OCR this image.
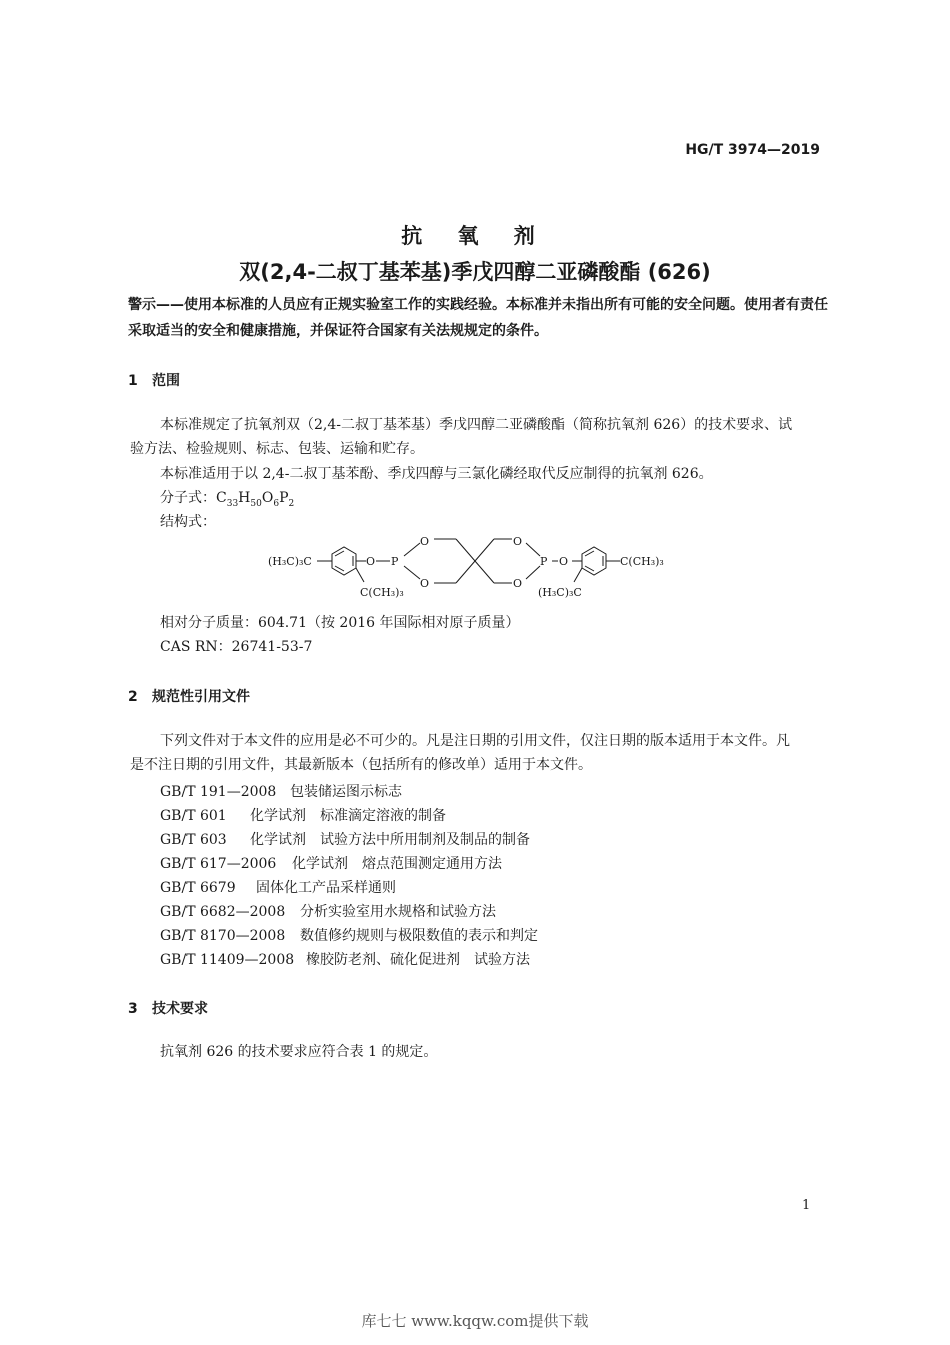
HG/T 3974—2019
抗 氧 剂
双(2,4-二叔丁基苯基)季戊四醇二亚磷酸酯 (626)
警示——使用本标准的人员应有正规实验室工作的实践经验。本标准并未指出所有可能的安全问题。使用者有责任采取适当的安全和健康措施，并保证符合国家有关法规规定的条件。
1 范围
本标准规定了抗氧剂双（2,4-二叔丁基苯基）季戊四醇二亚磷酸酯（简称抗氧剂 626）的技术要求、试验方法、检验规则、标志、包装、运输和贮存。
本标准适用于以 2,4-二叔丁基苯酚、季戊四醇与三氯化磷经取代反应制得的抗氧剂 626。
分子式：$C_{33}H_{50}O_6P_2$
结构式：
(H₃C)₃C	O P
O
O
O
O
P O	C(CH₃)₃
C(CH₃)₃	(H₃C)₃C
相对分子质量：604.71（按 2016 年国际相对原子质量）
CAS RN：26741-53-7
2 规范性引用文件
下列文件对于本文件的应用是必不可少的。凡是注日期的引用文件，仅注日期的版本适用于本文件。凡是不注日期的引用文件，其最新版本（包括所有的修改单）适用于本文件。
GB/T 191—2008 包装储运图示标志
GB/T 601 化学试剂　标准滴定溶液的制备
GB/T 603 化学试剂　试验方法中所用制剂及制品的制备
GB/T 617—2006 化学试剂　熔点范围测定通用方法
GB/T 6679 固体化工产品采样通则
GB/T 6682—2008 分析实验室用水规格和试验方法
GB/T 8170—2008 数值修约规则与极限数值的表示和判定
GB/T 11409—2008 橡胶防老剂、硫化促进剂　试验方法
3 技术要求
抗氧剂 626 的技术要求应符合表 1 的规定。
1
库七七 www.kqqw.com提供下载
